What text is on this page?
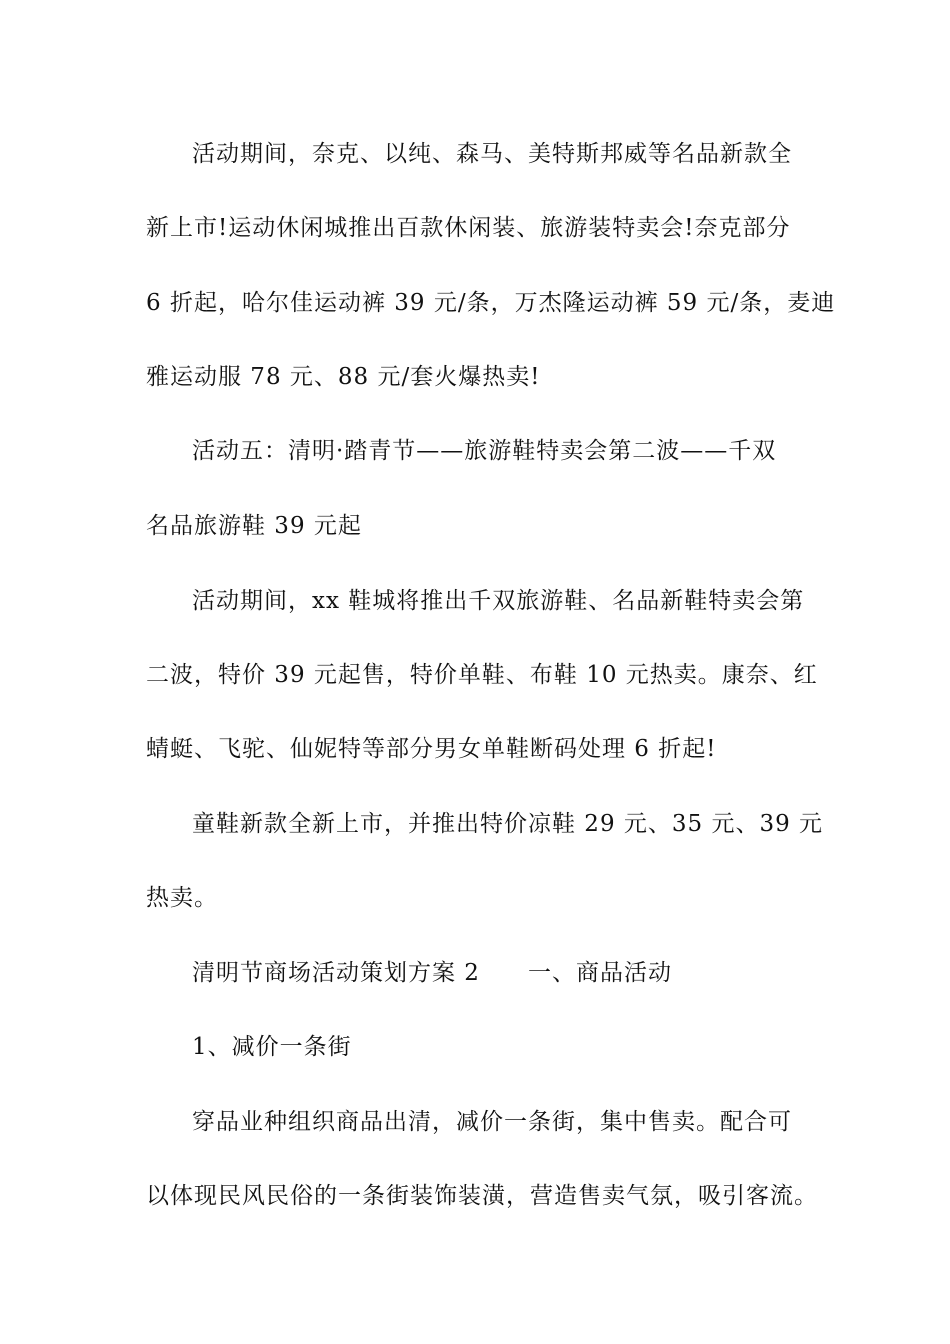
活动期间，奈克、以纯、森马、美特斯邦威等名品新款全
新上市!运动休闲城推出百款休闲装、旅游装特卖会!奈克部分
6 折起，哈尔佳运动裤 39 元/条，万杰隆运动裤 59 元/条，麦迪
雅运动服 78 元、88 元/套火爆热卖!
活动五：清明·踏青节——旅游鞋特卖会第二波——千双
名品旅游鞋 39 元起
活动期间，xx 鞋城将推出千双旅游鞋、名品新鞋特卖会第
二波，特价 39 元起售，特价单鞋、布鞋 10 元热卖。康奈、红
蜻蜓、飞驼、仙妮特等部分男女单鞋断码处理 6 折起!
童鞋新款全新上市，并推出特价凉鞋 29 元、35 元、39 元
热卖。
清明节商场活动策划方案 2　　一、商品活动
1、减价一条街
穿品业种组织商品出清，减价一条街，集中售卖。配合可
以体现民风民俗的一条街装饰装潢，营造售卖气氛，吸引客流。
